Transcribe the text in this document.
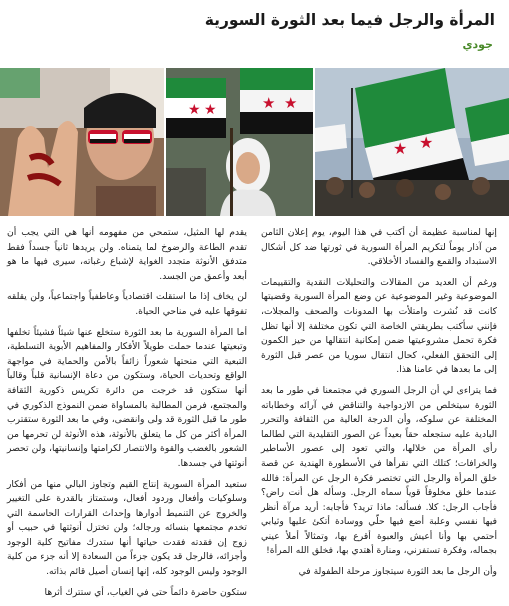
المرأة والرجل فيما بعد الثورة السورية
جودي
★ ★	★ ★
★ ★

إنها لمناسبة عظيمة أن أكتب في هذا اليوم، يوم إعلان الثامن من آذار يوماً لتكريم المرأة السورية في ثورتها ضد كل أشكال الاستبداد والقمع والفساد الأخلاقي.

ورغم أن العديد من المقالات والتحليلات النقدية والتقييمات الموضوعية وغير الموضوعية عن وضع المرأة السورية وقضيتها كانت قد نُشرت وامتلأت بها المدونات والصحف والمجلات، فإنني سأكتب بطريقتي الخاصة التي تكون مختلفة إلا أنها تظل فكرة تحمل مشروعيتها ضمن إمكانية انتقالها من حيز الكمون إلى التحقق الفعلي، كحال انتقال سوريا من عصر قبل الثورة إلى ما بعدها في عامنا هذا.

فما يتراءى لي أن الرجل السوري في مجتمعنا في طور ما بعد الثورة سيتخلص من الازدواجية والتناقض في آرائه وخطاباته المختلفة عن سلوكه، وأن الدرجة العالية من الثقافة والتحرر البادية عليه ستجعله حقاً بعيداً عن الصور التقليدية التي لطالما رأى المرأة من خلالها، والتي تعود إلى عصور الأساطير والخرافات؛ كتلك التي نقرأها في الأسطورة الهندية عن قصة خلق المرأة والرجل التي تختصر فكرة الرجل عن المرأة: فالله عندما خلق مخلوقاً قوياً سماه الرجل. وسأله هل أنت راض؟ فأجاب الرجل: كلا. فسأله: ماذا تريد؟ فأجابه: أريد مرآة أنظر فيها نفسي وعلبة أضع فيها حلّي ووسادة أتكئ عليها وثيابي أحتمي بها وأنا أعيش والعبوة أقرع بها، وتمثالاً أملأ عيني بجماله، وفكرة تستفزني، ومنارة أهتدي بها، فخلق الله المرأة!

وأن الرجل ما بعد الثورة سيتجاوز مرحلة الطفولة في

يقدم لها المثيل، ستمحي من مفهومه أنها هي التي يجب أن تقدم الطاعة والرضوخ لما يتمناه. ولن يريدها ثانياً جسداً فقط متدفق الأنوثة متجدد الغواية لإشباع رغباته، سيرى فيها ما هو أبعد وأعمق من الجسد.

لن يخاف إذا ما استقلت اقتصادياً وعاطفياً واجتماعياً، ولن يقلقه تفوقها عليه في مناحي الحياة.

أما المرأة السورية ما بعد الثورة ستخلع عنها شيئاً فشيئاً تخلفها وتبعيتها عندما حملت طويلاً الأفكار والمفاهيم الأبوية التسلطية، التبعية التي منحتها شعوراً زائفاً بالأمن والحماية في مواجهة الواقع وتحديات الحياة، وستكون من دعاة الإنسانية قلباً وقالباً أنها ستكون قد خرجت من دائرة تكريس ذكورية الثقافة والمجتمع، فرمن المطالبة بالمساواة ضمن النموذج الذكوري في طور ما قبل الثورة قد ولى وانقضى، وفي ما بعد الثورة ستقترب المرأة أكثر من كل ما يتعلق بالأنوثة، هذه الأنوثة لن تحرمها من الشعور بالغضب والقوة والانتصار لكرامتها وإنسانيتها، ولن تحصر أنوثتها في جسدها.

ستعيد المرأة السورية إنتاج القيم وتجاوز البالي منها من أفكار وسلوكيات وأفعال وردود أفعال، وستمتاز بالقدرة على التغيير والخروج عن التنميط أدوارها وإحداث القرارات الحاسمة التي تخدم مجتمعها بنسائه ورجاله؛ ولن تختزل أنوثتها في حبيب أو زوج إن فقدته فقدت حياتها أنها ستدرك مفاتيح كلية الوجود وأجزائه، فالرجل قد يكون جزءاً من السعادة إلا أنه جزء من كلية الوجود وليس الوجود كله، إنها إنسان أصيل قائم بذاته.

ستكون حاضرة دائماً حتى في الغياب، أي ستترك أثرها
